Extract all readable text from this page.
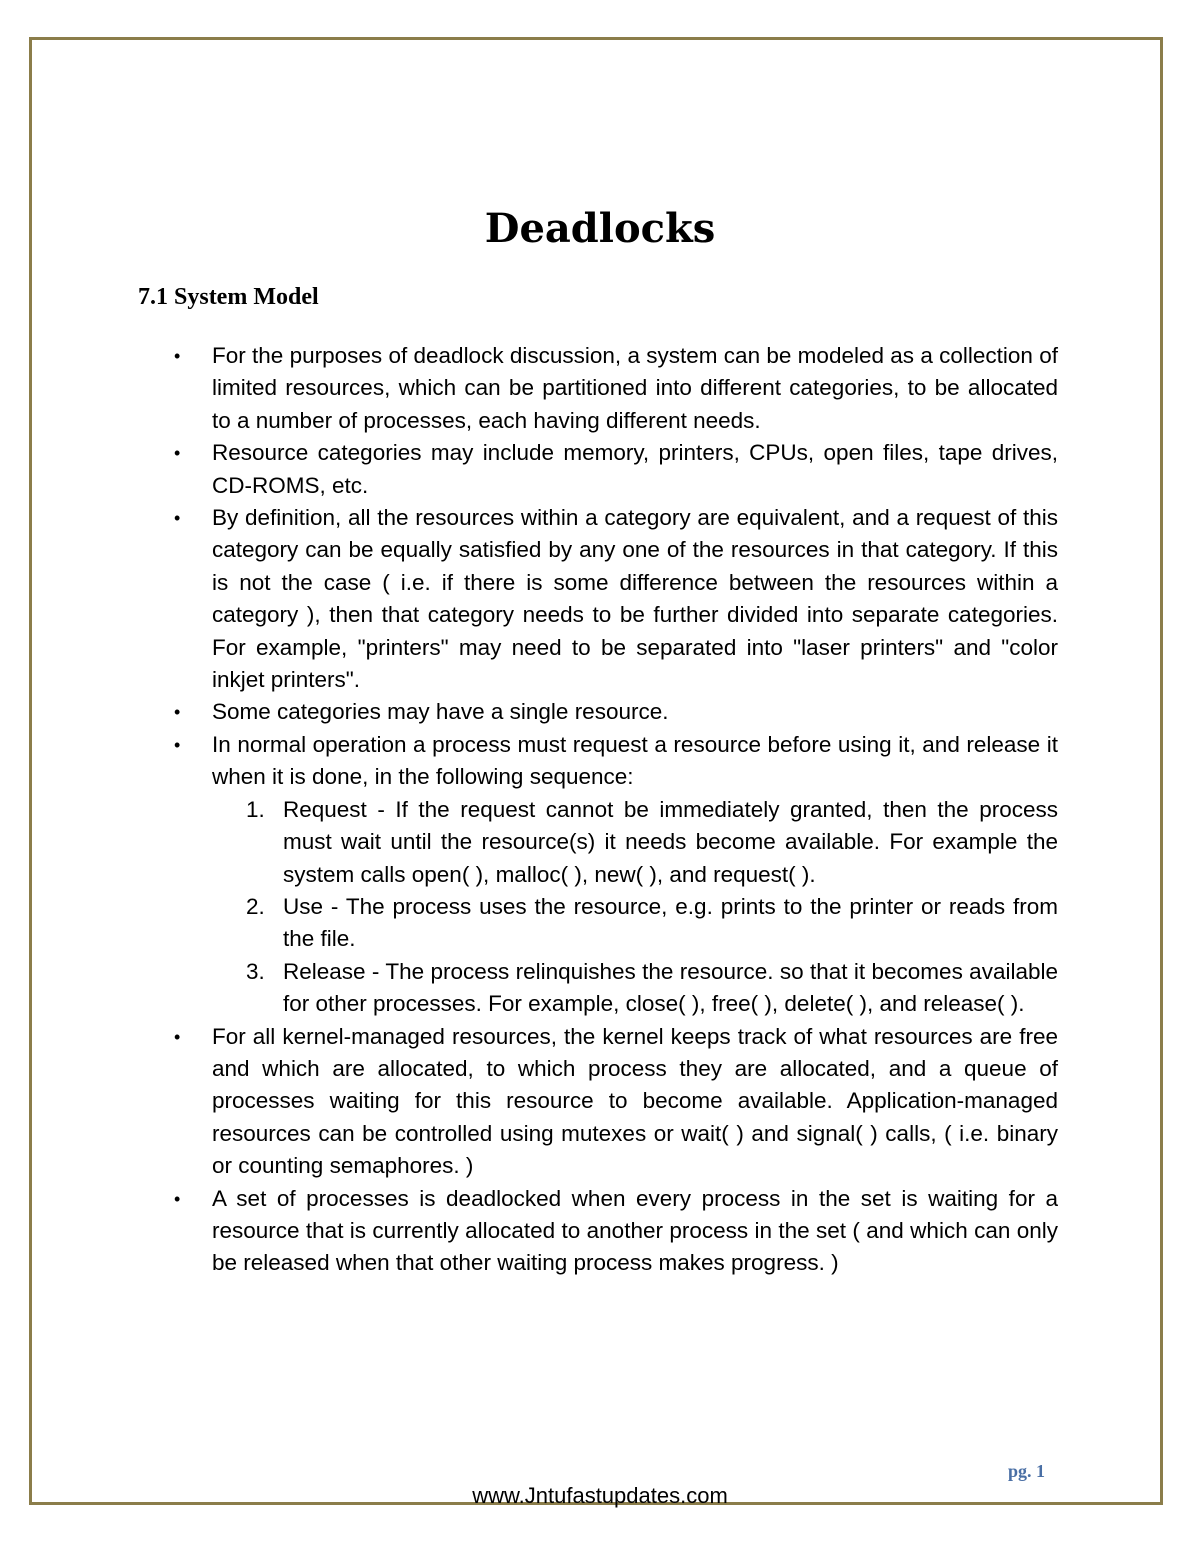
Deadlocks
7.1 System Model
• For the purposes of deadlock discussion, a system can be modeled as a collection of limited resources, which can be partitioned into different categories, to be allocated to a number of processes, each having different needs.
• Resource categories may include memory, printers, CPUs, open files, tape drives, CD-ROMS, etc.
• By definition, all the resources within a category are equivalent, and a request of this category can be equally satisfied by any one of the resources in that category. If this is not the case ( i.e. if there is some difference between the resources within a category ), then that category needs to be further divided into separate categories. For example, "printers" may need to be separated into "laser printers" and "color inkjet printers".
• Some categories may have a single resource.
• In normal operation a process must request a resource before using it, and release it when it is done, in the following sequence:
1. Request - If the request cannot be immediately granted, then the process must wait until the resource(s) it needs become available. For example the system calls open( ), malloc( ), new( ), and request( ).
2. Use - The process uses the resource, e.g. prints to the printer or reads from the file.
3. Release - The process relinquishes the resource. so that it becomes available for other processes. For example, close( ), free( ), delete( ), and release( ).
• For all kernel-managed resources, the kernel keeps track of what resources are free and which are allocated, to which process they are allocated, and a queue of processes waiting for this resource to become available. Application-managed resources can be controlled using mutexes or wait( ) and signal( ) calls, ( i.e. binary or counting semaphores. )
• A set of processes is deadlocked when every process in the set is waiting for a resource that is currently allocated to another process in the set ( and which can only be released when that other waiting process makes progress. )
pg. 1
www.Jntufastupdates.com
